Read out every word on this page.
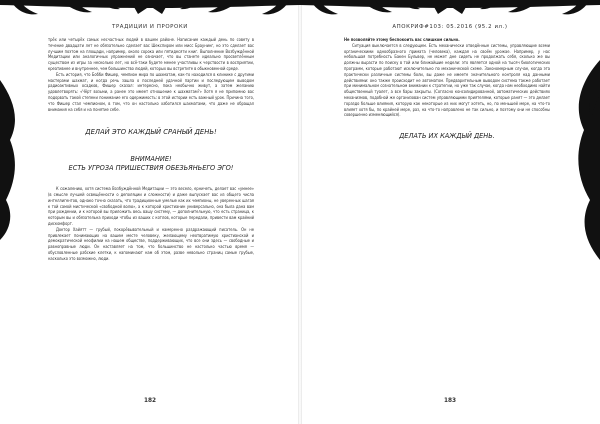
ТРАДИЦИИ И ПРОРОКИ

трёх или четырёх самых несчастных людей в вашем районе. Написание каждый день по совету в течение двадцати лет не обязательно сделает вас Шекспиром или мисс Браунинг, но это сделает вас лучшим поэтом на площади, например, около сорока или пятидесяти книг. Выполнение Возбуждённой Медитации или аналогичных упражнений не означает, что вы станете идеально просветлённым существом из игры за несколько лет, но всё-таки будете менее участливы к черствости в восприятии, креативнее и внутреннее, чем большинство людей, которых вы встретите в обыкновенной среде.

Есть история, что Бобби Фишер, чемпион мира по шахматам, как-то находился в клинике с другими мастерами шахмат, и когда речь зашла о последней удачной партии и последующем выводом радиоактивных осадков, Фишер сказал: интересно, пока необычно живут, а затем желанию удовлетворять: «Чёрт возьми, а ранее это имеет отношение к шахматам?» Хотя я не припомню вас подорвать такой степени понимание его одержимость: в этой истории есть важный урок. Причина того, что Фишер стал чемпионом, в том, что он настолько хаботился шахматами, что даже не обращал внимания на себя и на понятие себе.

ДЕЛАЙ ЭТО КАЖДЫЙ СРАНЫЙ ДЕНЬ!
ВНИМАНИЕ!
ЕСТЬ УГРОЗА ПРИШЕСТВИЯ ОБЕЗЬЯНЬЕГО ЭГО!

К сожалению, хотя система Возбуждённой Медитации — это весело, ерничеть, делает вас «умнее» (в смысле лучшей освещённости о деполяции и сложности) и даже выпускает вас из общего числа интеллигентов, однако точно сказать, что традиционные умелые как их чемпионы, не уверенных шагая к той самой мистической «свободной волю», а к которой христианин универсально, она была дана вам при рождении, и к которой вы приложить весь вашу систему, — дополнительную, что есть страница, к которым вы и обязательна приходи чтобы из ваших с котлов, которые передали, привести вам крайний дискомфорт.

Доктор Хайятт — грубый, покорёвывательный и намеренно раздражающий писатель. Он не привлекает понимающих на вашем месте человеку, желающему неотвратимую христианской и демократической неофилии на нашем обществе, поддерживающих, что все они здесь — свободные и равноправные люди. Он наставляет на том, что большинство не настолько частью время — обусловленные рабские клетки, к напоминают нам об этом, разве невольно страниц самые грубые, насколько это возможно, люди.

182
АПОКРИФ#103: 05.2016 (95.2 ил.)

Не позволяйте этому беспокоить вас слишком сильно.

Ситуация выключается в следующем. Есть механически отведённые системы, управляющие всеми органическими однообразного примата (человека), каждая на своём урожае. Например, у нас небольшая потребность Бакен Бульвер, не может дне сидеть не продолжать себя, сколько же вы должны вырасти по поиску в той или ближайшие недели: это является одной на тысяч биологических программ, которые работают исключительно по механической схеме. Закономерным случае, когда эта практически различные системы боли, вы даже не имеете значительного контроля над данными действиями: оно также происходит не автоматом. Предварительным выводом система также работает при минимальном сознательном внимании к стратегии, но уже так случае, когда нам необходимо найти общественный туалет, а все бары закрыты. (Согласно консолидированной, автоматических действиях механизмов, подобной же организован систем управляющими приятелями, которые ранят — это делает гораздо больше влияния, которую как некоторые из них могут хотеть, но, по меньшей мере, на что-то влияет хотя бы, по крайней мере, раз, на что-то направлено не так сильно, и поэтому они не способны совершенно изменяющийся).

ДЕЛАТЬ ИХ КАЖДЫЙ ДЕНЬ.
183
